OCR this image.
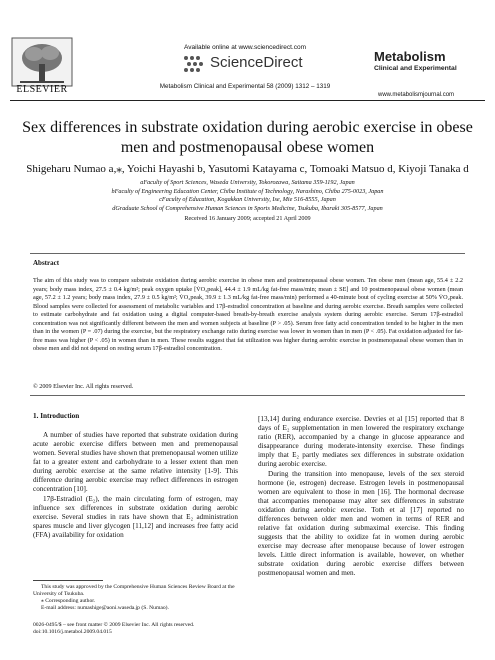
ELSEVIER
Available online at www.sciencedirect.com
ScienceDirect
Metabolism Clinical and Experimental 58 (2009) 1312 – 1319
Metabolism
Clinical and Experimental
www.metabolismjournal.com
Sex differences in substrate oxidation during aerobic exercise in obese men and postmenopausal obese women
Shigeharu Numao a,⁎, Yoichi Hayashi b, Yasutomi Katayama c, Tomoaki Matsuo d, Kiyoji Tanaka d
aFaculty of Sport Sciences, Waseda University, Tokorozawa, Saitama 359-1192, Japan
bFaculty of Engineering Education Center, Chiba Institute of Technology, Narashino, Chiba 275-0023, Japan
cFaculty of Education, Kogakkan University, Ise, Mie 516-8555, Japan
dGraduate School of Comprehensive Human Sciences in Sports Medicine, Tsukuba, Ibaraki 305-8577, Japan
Received 16 January 2009; accepted 21 April 2009
Abstract
The aim of this study was to compare substrate oxidation during aerobic exercise in obese men and postmenopausal obese women. Ten obese men (mean age, 55.4 ± 2.2 years; body mass index, 27.5 ± 0.4 kg/m²; peak oxygen uptake [V̇O₂peak], 44.4 ± 1.9 mL/kg fat-free mass/min; mean ± SE] and 10 postmenopausal obese women (mean age, 57.2 ± 1.2 years; body mass index, 27.9 ± 0.5 kg/m²; V̇O₂peak, 39.9 ± 1.3 mL/kg fat-free mass/min) performed a 40-minute bout of cycling exercise at 50% V̇O₂peak. Blood samples were collected for assessment of metabolic variables and 17β-estradiol concentration at baseline and during aerobic exercise. Breath samples were collected to estimate carbohydrate and fat oxidation using a digital computer-based breath-by-breath exercise analysis system during aerobic exercise. Serum 17β-estradiol concentration was not significantly different between the men and women subjects at baseline (P > .05). Serum free fatty acid concentration tended to be higher in the men than in the women (P = .07) during the exercise, but the respiratory exchange ratio during exercise was lower in women than in men (P < .05). Fat oxidation adjusted for fat-free mass was higher (P < .05) in women than in men. These results suggest that fat utilization was higher during aerobic exercise in postmenopausal obese women than in obese men and did not depend on resting serum 17β-estradiol concentration.
© 2009 Elsevier Inc. All rights reserved.
1. Introduction

A number of studies have reported that substrate oxidation during acute aerobic exercise differs between men and premenopausal women. Several studies have shown that premenopausal women utilize fat to a greater extent and carbohydrate to a lesser extent than men during aerobic exercise at the same relative intensity [1-9]. This difference during aerobic exercise may reflect differences in estrogen concentration [10].

17β-Estradiol (E₂), the main circulating form of estrogen, may influence sex differences in substrate oxidation during aerobic exercise. Several studies in rats have shown that E₂ administration spares muscle and liver glycogen [11,12] and increases free fatty acid (FFA) availability for oxidation

[13,14] during endurance exercise. Devries et al [15] reported that 8 days of E₂ supplementation in men lowered the respiratory exchange ratio (RER), accompanied by a change in glucose appearance and disappearance during moderate-intensity exercise. These findings imply that E₂ partly mediates sex differences in substrate oxidation during aerobic exercise.

During the transition into menopause, levels of the sex steroid hormone (ie, estrogen) decrease. Estrogen levels in postmenopausal women are equivalent to those in men [16]. The hormonal decrease that accompanies menopause may alter sex differences in substrate oxidation during aerobic exercise. Toth et al [17] reported no differences between older men and women in terms of RER and relative fat oxidation during submaximal exercise. This finding suggests that the ability to oxidize fat in women during aerobic exercise may decrease after menopause because of lower estrogen levels. Little direct information is available, however, on whether substrate oxidation during aerobic exercise differs between postmenopausal women and men.

This study was approved by the Comprehensive Human Sciences Review Board at the University of Tsukuba.
⁎ Corresponding author.
E-mail address: numashige@aoni.waseda.jp (S. Numao).
0026-0495/$ – see front matter © 2009 Elsevier Inc. All rights reserved.
doi:10.1016/j.metabol.2009.04.015
